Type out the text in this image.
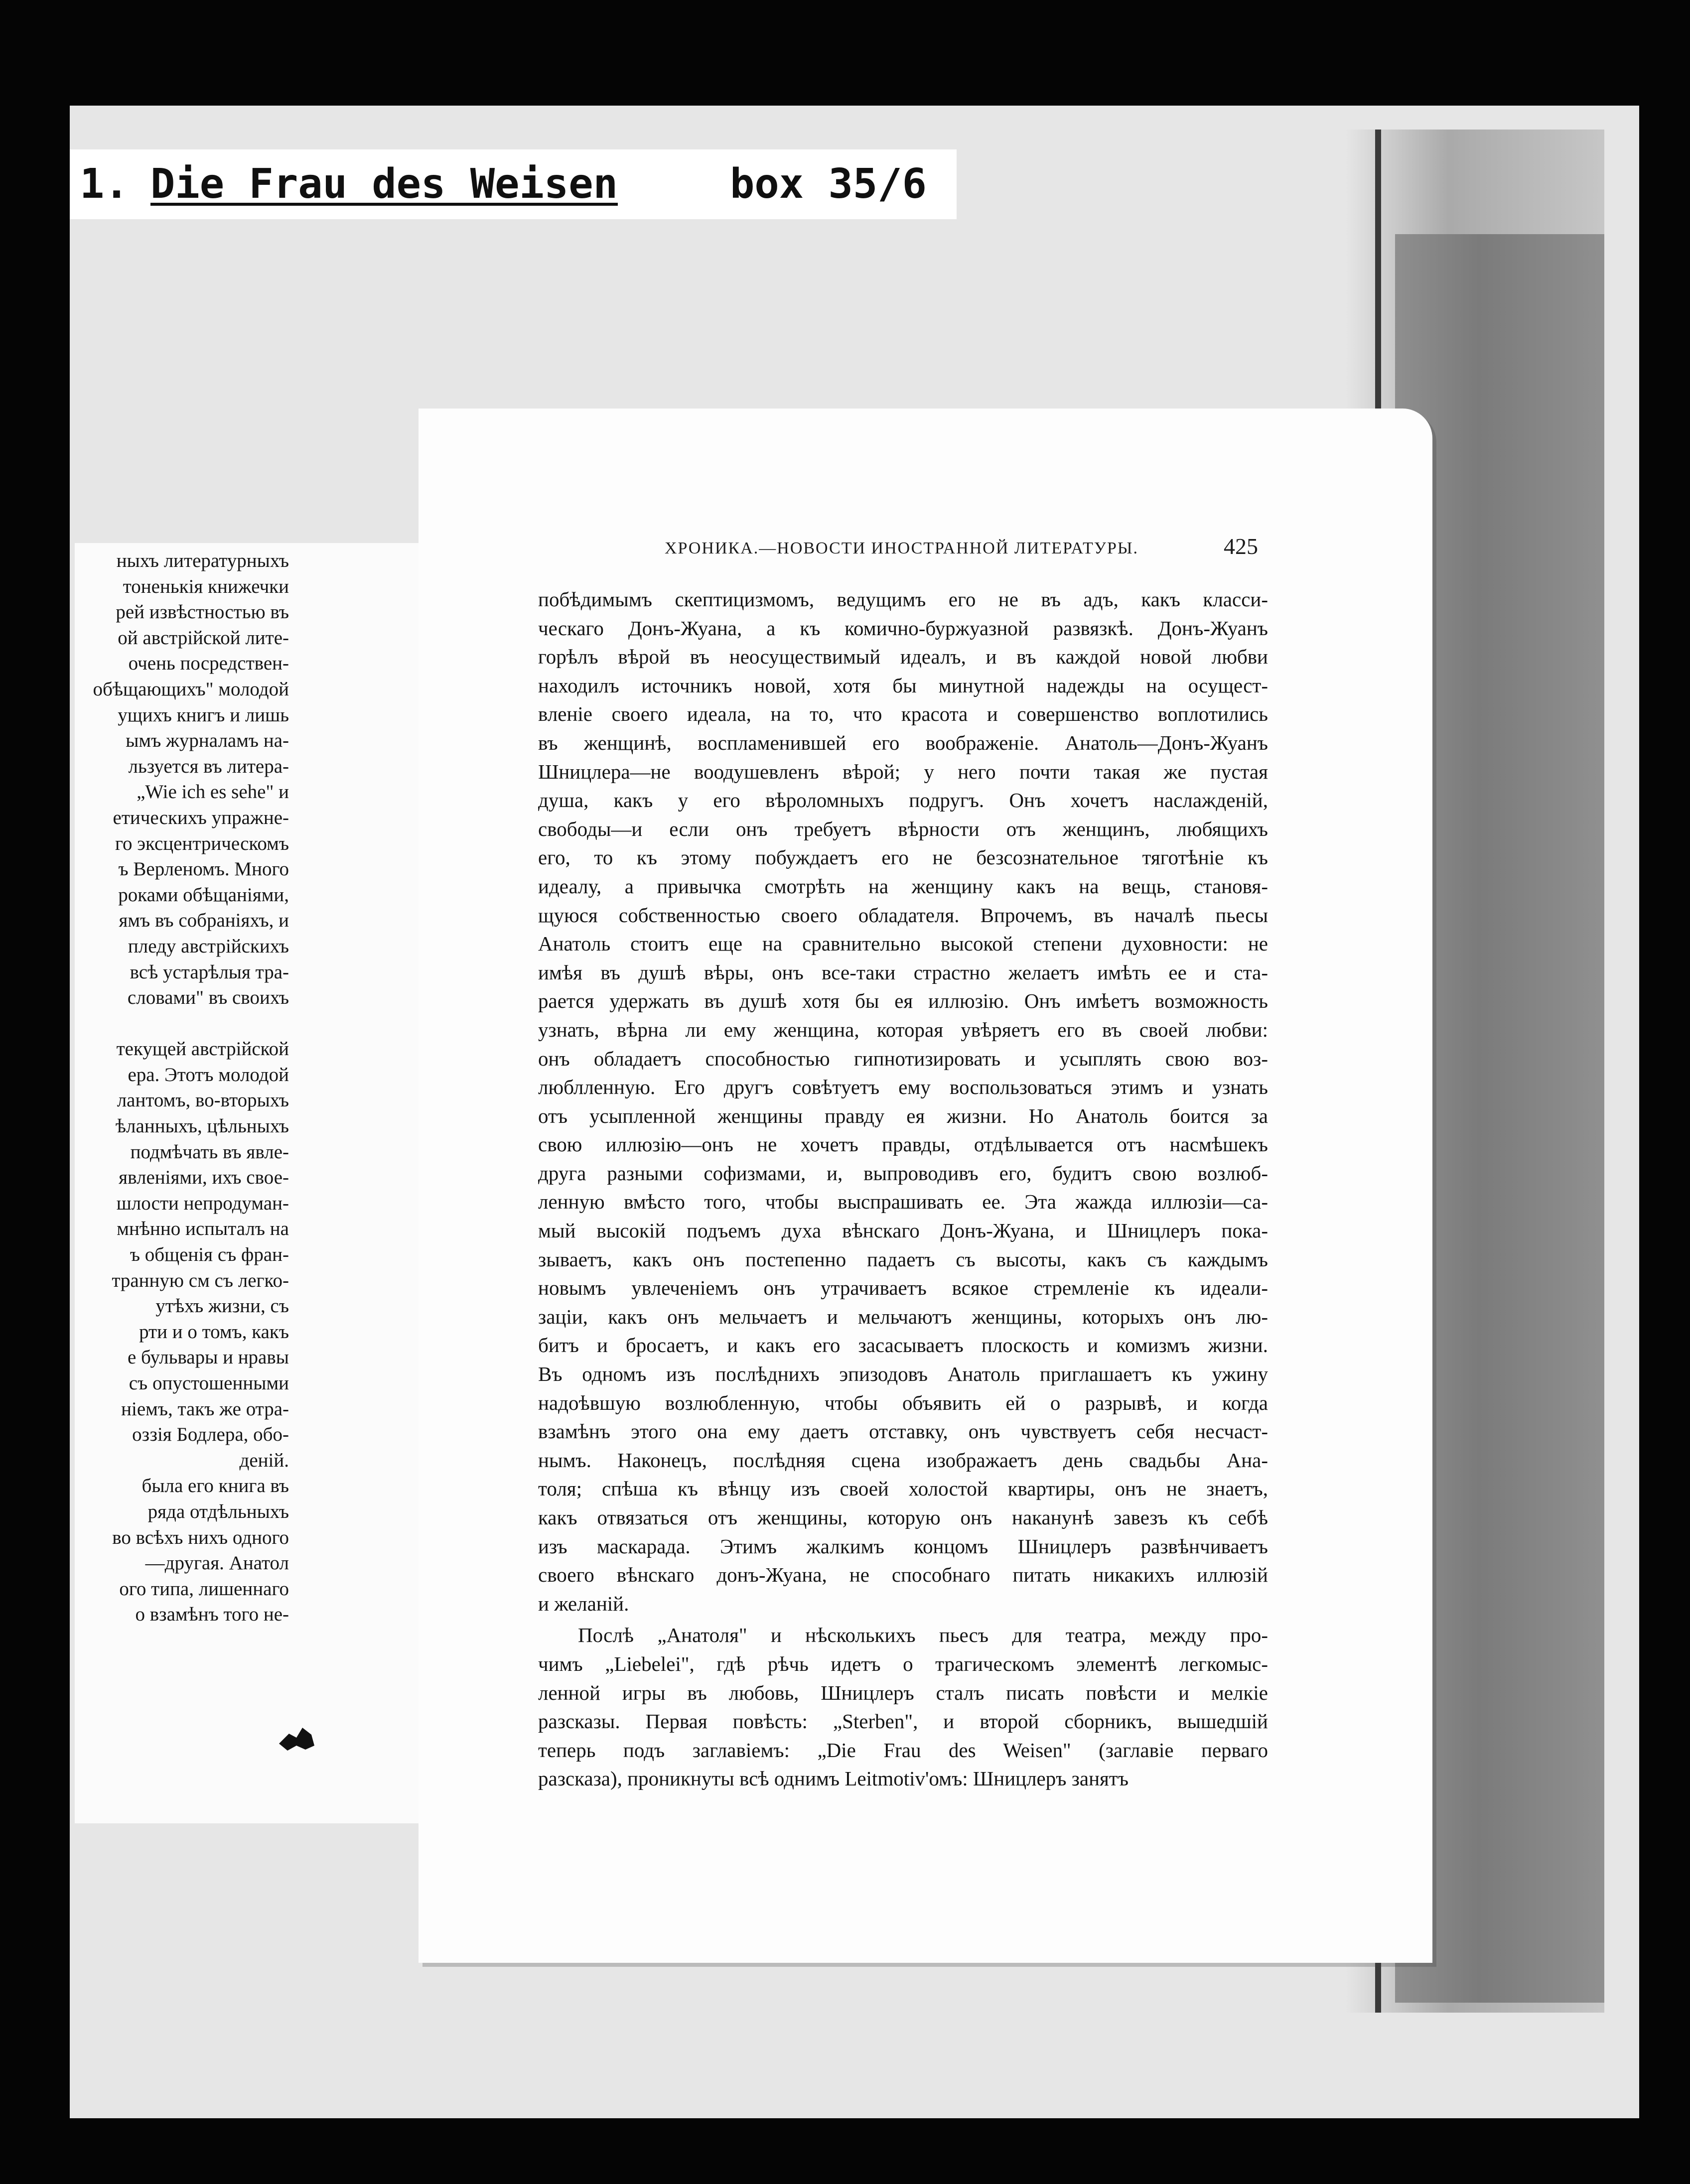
1. Die Frau des Weisen	box 35/6
ныхъ литературныхъ
тоненькія книжечки
рей извѣстностью въ
ой австрійской лите-
очень посредствен-
обѣщающихъ" молодой
ущихъ книгъ и лишь
ымъ журналамъ на-
льзуется въ литера-
„Wie ich es sehe" и
етическихъ упражне-
го эксцентрическомъ
ъ Верленомъ. Много
роками обѣщаніями,
ямъ въ собраніяхъ, и
пледу австрійскихъ
всѣ устарѣлыя тра-
словами" въ своихъ

текущей австрійской
ера. Этотъ молодой
лантомъ, во-вторыхъ
ѣланныхъ, цѣльныхъ
подмѣчать въ явле-
явленіями, ихъ свое-
шлости непродуман-
мнѣнно испыталъ на
ъ общенія съ фран-
транную см съ легко-
утѣхъ жизни, съ
рти и о томъ, какъ
е бульвары и нравы
съ опустошенными
ніемъ, такъ же отра-
оззія Бодлера, обо-
деній.
была его книга въ
ряда отдѣльныхъ
во всѣхъ нихъ одного
—другая. Анатол
ого типа, лишеннаго
о взамѣнъ того не-
ХРОНИКА.—НОВОСТИ ИНОСТРАННОЙ ЛИТЕРАТУРЫ.	425

побѣдимымъ скептицизмомъ, ведущимъ его не въ адъ, какъ класси-
ческаго Донъ-Жуана, а къ комично-буржуазной развязкѣ. Донъ-Жуанъ
горѣлъ вѣрой въ неосуществимый идеалъ, и въ каждой новой любви
находилъ источникъ новой, хотя бы минутной надежды на осущест-
вленіе своего идеала, на то, что красота и совершенство воплотились
въ женщинѣ, воспламенившей его воображеніе. Анатоль—Донъ-Жуанъ
Шницлера—не воодушевленъ вѣрой; у него почти такая же пустая
душа, какъ у его вѣроломныхъ подругъ. Онъ хочетъ наслажденій,
свободы—и если онъ требуетъ вѣрности отъ женщинъ, любящихъ
его, то къ этому побуждаетъ его не безсознательное тяготѣніе къ
идеалу, а привычка смотрѣть на женщину какъ на вещь, становя-
щуюся собственностью своего обладателя. Впрочемъ, въ началѣ пьесы
Анатоль стоитъ еще на сравнительно высокой степени духовности: не
имѣя въ душѣ вѣры, онъ все-таки страстно желаетъ имѣть ее и ста-
рается удержать въ душѣ хотя бы ея иллюзію. Онъ имѣетъ возможность
узнать, вѣрна ли ему женщина, которая увѣряетъ его въ своей любви:
онъ обладаетъ способностью гипнотизировать и усыплять свою воз-
люблленную. Его другъ совѣтуетъ ему воспользоваться этимъ и узнать
отъ усыпленной женщины правду ея жизни. Но Анатоль боится за
свою иллюзію—онъ не хочетъ правды, отдѣлывается отъ насмѣшекъ
друга разными софизмами, и, выпроводивъ его, будитъ свою возлюб-
ленную вмѣсто того, чтобы выспрашивать ее. Эта жажда иллюзіи—са-
мый высокій подъемъ духа вѣнскаго Донъ-Жуана, и Шницлеръ пока-
зываетъ, какъ онъ постепенно падаетъ съ высоты, какъ съ каждымъ
новымъ увлеченіемъ онъ утрачиваетъ всякое стремленіе къ идеали-
заціи, какъ онъ мельчаетъ и мельчаютъ женщины, которыхъ онъ лю-
битъ и бросаетъ, и какъ его засасываетъ плоскость и комизмъ жизни.
Въ одномъ изъ послѣднихъ эпизодовъ Анатоль приглашаетъ къ ужину
надоѣвшую возлюбленную, чтобы объявить ей о разрывѣ, и когда
взамѣнъ этого она ему даетъ отставку, онъ чувствуетъ себя несчаст-
нымъ. Наконецъ, послѣдняя сцена изображаетъ день свадьбы Ана-
толя; спѣша къ вѣнцу изъ своей холостой квартиры, онъ не знаетъ,
какъ отвязаться отъ женщины, которую онъ наканунѣ завезъ къ себѣ
изъ маскарада. Этимъ жалкимъ концомъ Шницлеръ развѣнчиваетъ
своего вѣнскаго донъ-Жуана, не способнаго питать никакихъ иллюзій
и желаній.

Послѣ „Анатоля" и нѣсколькихъ пьесъ для театра, между про-
чимъ „Liebelei", гдѣ рѣчь идетъ о трагическомъ элементѣ легкомыс-
ленной игры въ любовь, Шницлеръ сталъ писать повѣсти и мелкіе
разсказы. Первая повѣсть: „Sterben", и второй сборникъ, вышедшій
теперь подъ заглавіемъ: „Die Frau des Weisen" (заглавіе перваго
разсказа), проникнуты всѣ однимъ Leitmotiv'омъ: Шницлеръ занятъ
